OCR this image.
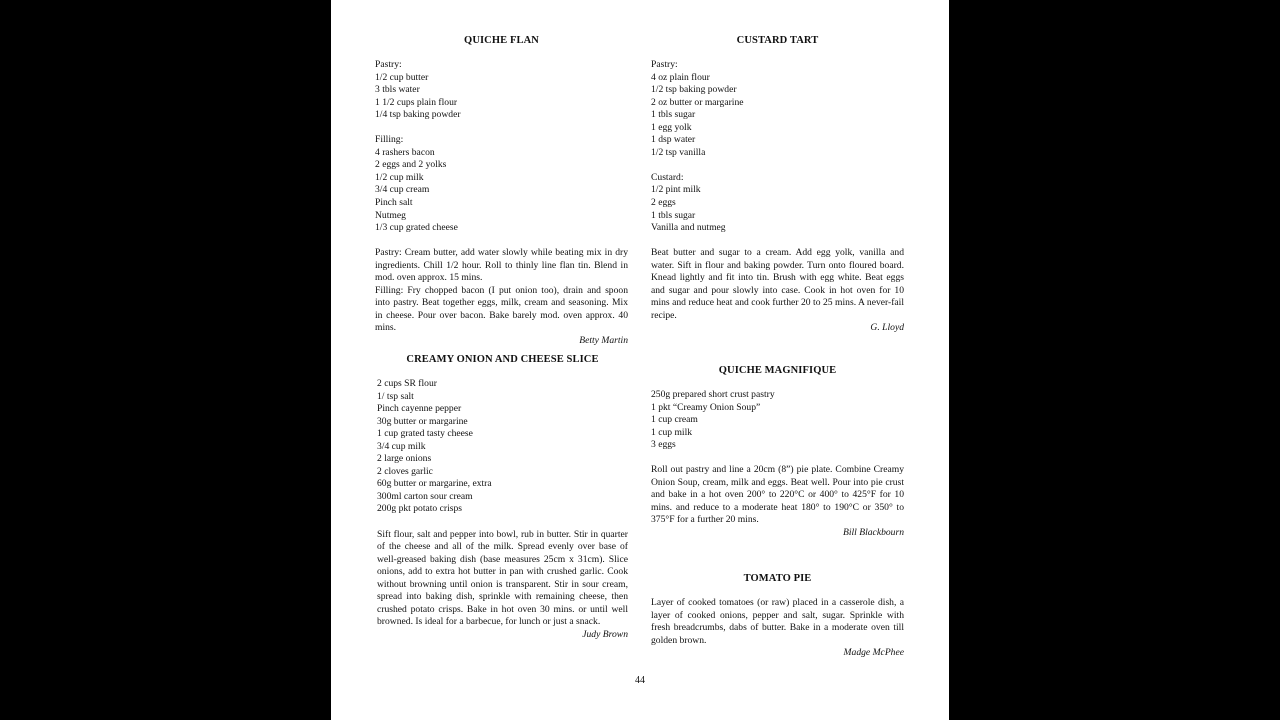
QUICHE FLAN
Pastry:
1/2 cup butter
3 tbls water
1 1/2 cups plain flour
1/4 tsp baking powder
Filling:
4 rashers bacon
2 eggs and 2 yolks
1/2 cup milk
3/4 cup cream
Pinch salt
Nutmeg
1/3 cup grated cheese

Pastry: Cream butter, add water slowly while beating mix in dry ingredients. Chill 1/2 hour. Roll to thinly line flan tin. Blend in mod. oven approx. 15 mins.

Filling: Fry chopped bacon (I put onion too), drain and spoon into pastry. Beat together eggs, milk, cream and seasoning. Mix in cheese. Pour over bacon. Bake barely mod. oven approx. 40 mins.

Betty Martin
CREAMY ONION AND CHEESE SLICE
2 cups SR flour
1/ tsp salt
Pinch cayenne pepper
30g butter or margarine
1 cup grated tasty cheese
3/4 cup milk
2 large onions
2 cloves garlic
60g butter or margarine, extra
300ml carton sour cream
200g pkt potato crisps

Sift flour, salt and pepper into bowl, rub in butter. Stir in quarter of the cheese and all of the milk. Spread evenly over base of well-greased baking dish (base measures 25cm x 31cm). Slice onions, add to extra hot butter in pan with crushed garlic. Cook without browning until onion is transparent. Stir in sour cream, spread into baking dish, sprinkle with remaining cheese, then crushed potato crisps. Bake in hot oven 30 mins. or until well browned. Is ideal for a barbecue, for lunch or just a snack.

Judy Brown
CUSTARD TART
Pastry:
4 oz plain flour
1/2 tsp baking powder
2 oz butter or margarine
1 tbls sugar
1 egg yolk
1 dsp water
1/2 tsp vanilla
Custard:
1/2 pint milk
2 eggs
1 tbls sugar
Vanilla and nutmeg

Beat butter and sugar to a cream. Add egg yolk, vanilla and water. Sift in flour and baking powder. Turn onto floured board. Knead lightly and fit into tin. Brush with egg white. Beat eggs and sugar and pour slowly into case. Cook in hot oven for 10 mins and reduce heat and cook further 20 to 25 mins. A never-fail recipe.

G. Lloyd
QUICHE MAGNIFIQUE
250g prepared short crust pastry
1 pkt “Creamy Onion Soup”
1 cup cream
1 cup milk
3 eggs

Roll out pastry and line a 20cm (8”) pie plate. Combine Creamy Onion Soup, cream, milk and eggs. Beat well. Pour into pie crust and bake in a hot oven 200° to 220°C or 400° to 425°F for 10 mins. and reduce to a moderate heat 180° to 190°C or 350° to 375°F for a further 20 mins.

Bill Blackbourn
TOMATO PIE

Layer of cooked tomatoes (or raw) placed in a casserole dish, a layer of cooked onions, pepper and salt, sugar. Sprinkle with fresh breadcrumbs, dabs of butter. Bake in a moderate oven till golden brown.

Madge McPhee
44
